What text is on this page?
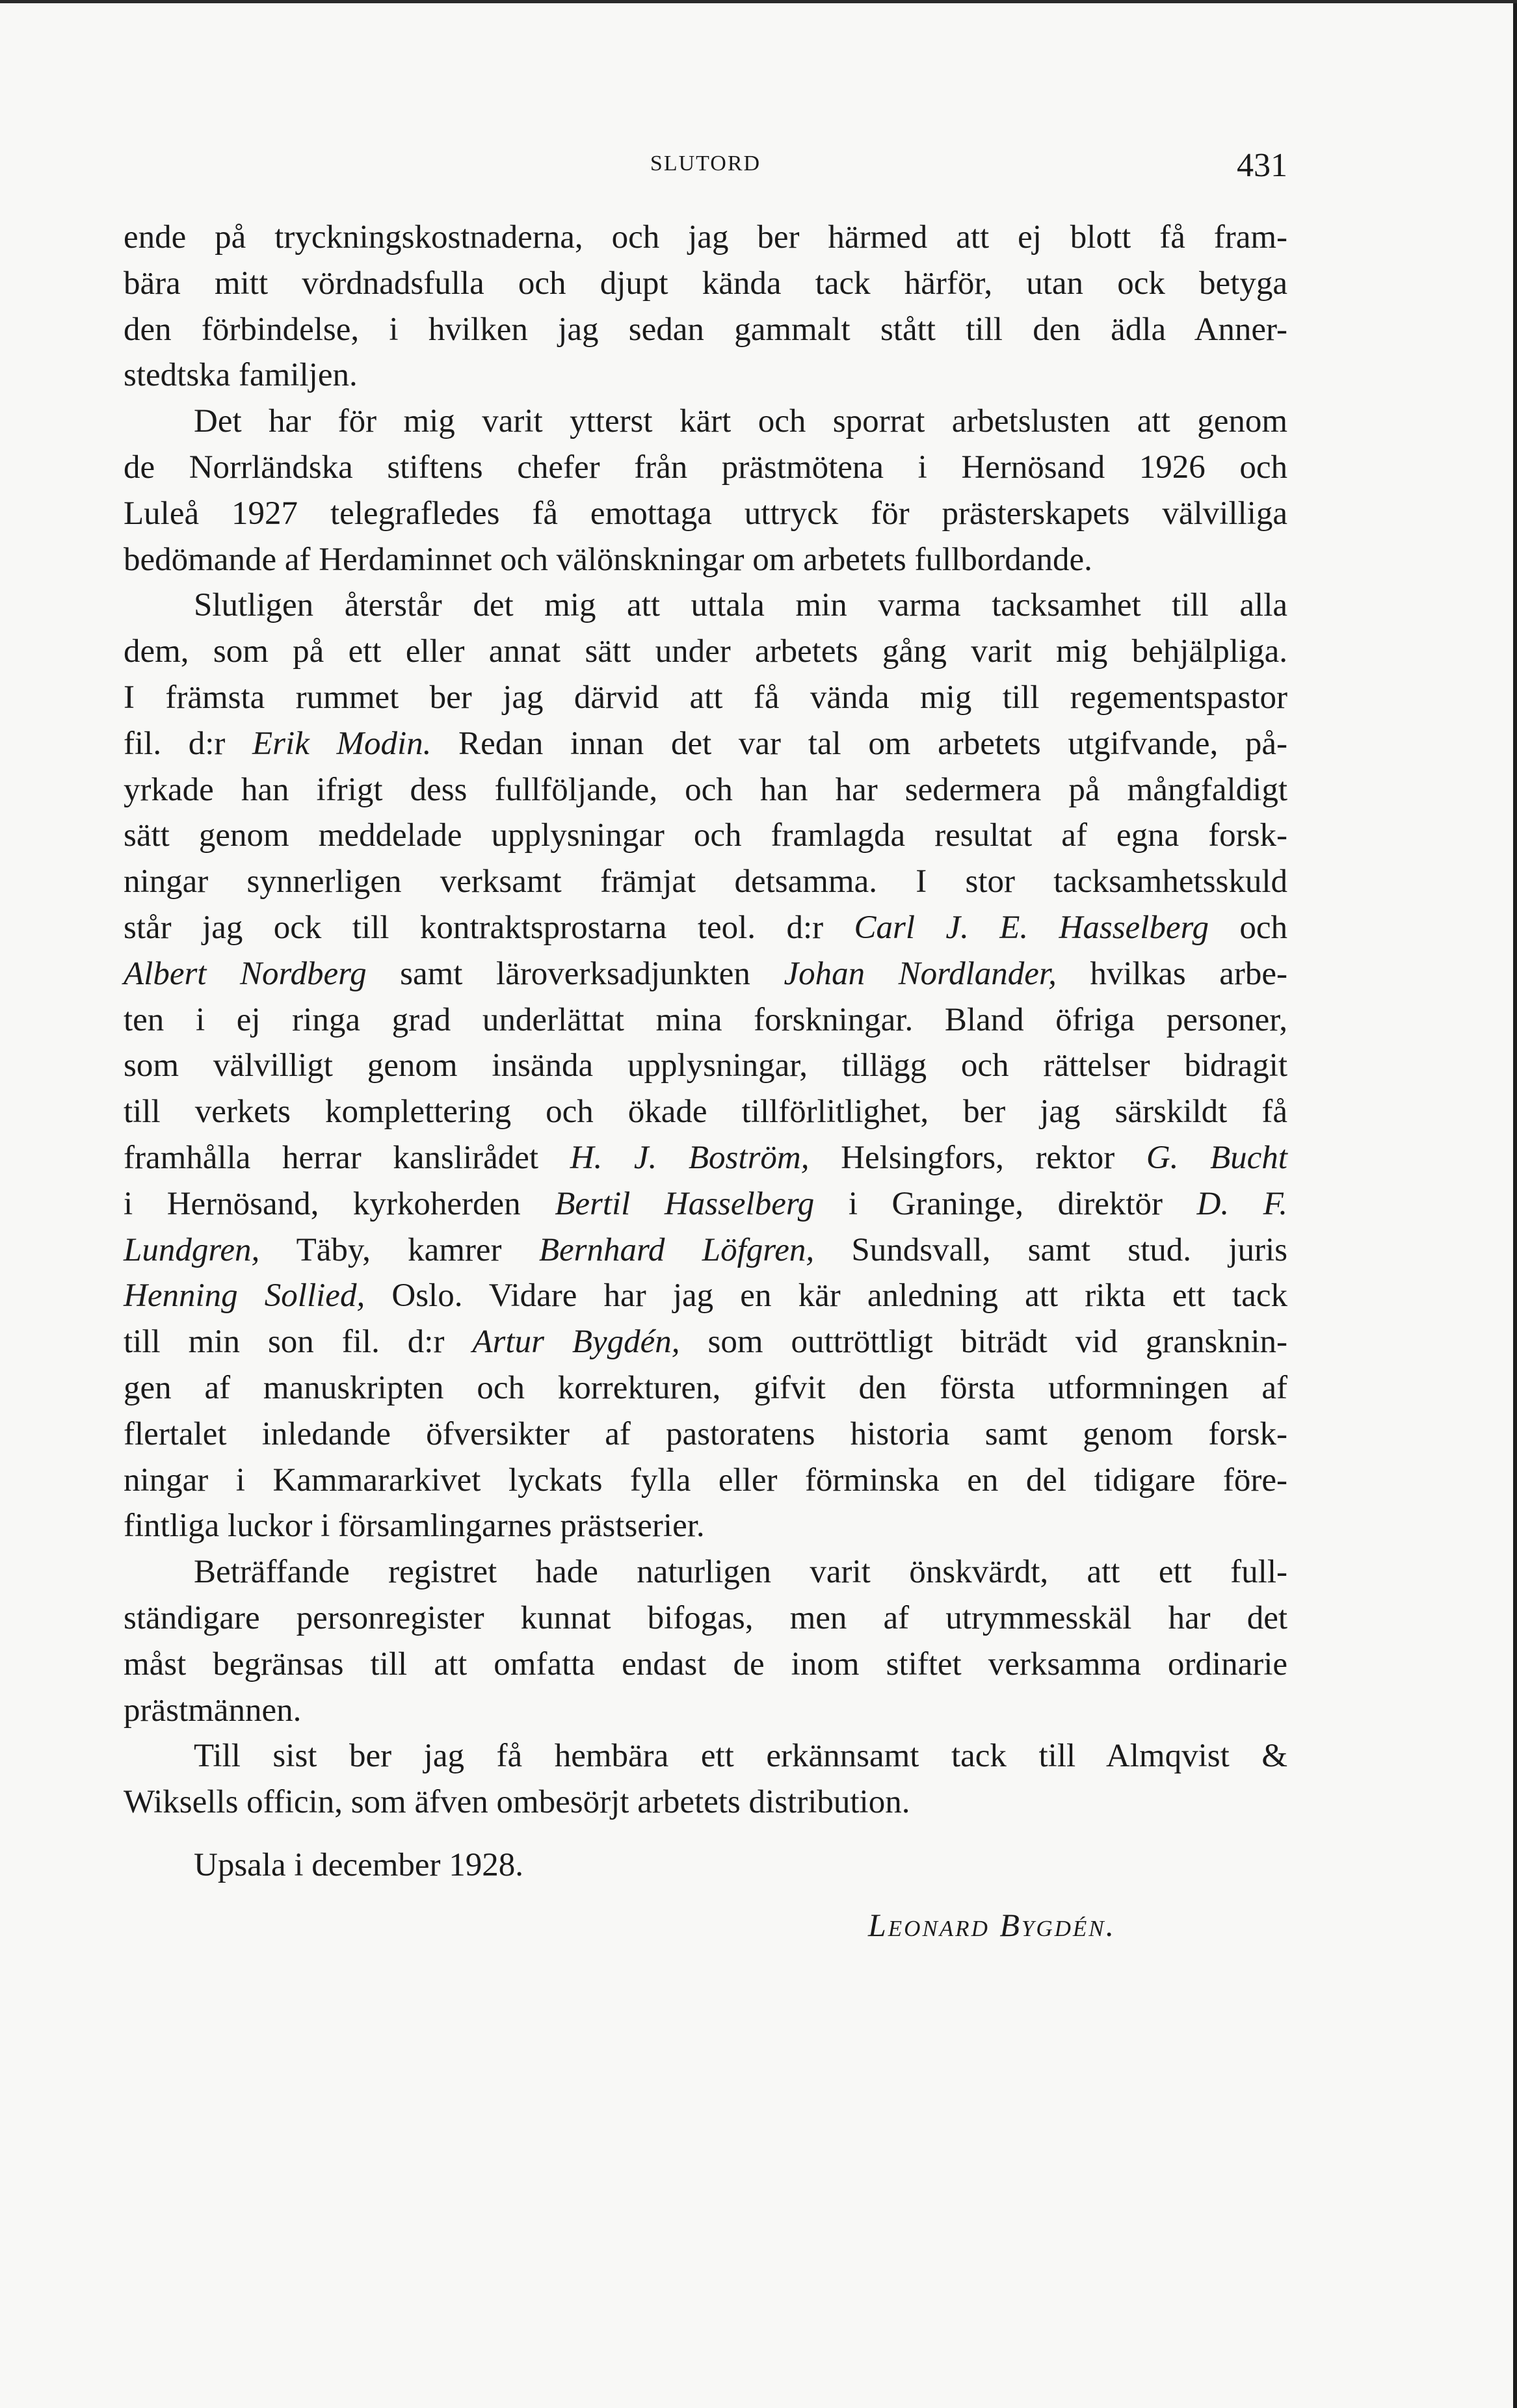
SLUTORD	431

ende på tryckningskostnaderna, och jag ber härmed att ej blott få fram-

bära mitt vördnadsfulla och djupt kända tack härför, utan ock betyga

den förbindelse, i hvilken jag sedan gammalt stått till den ädla Anner-

stedtska familjen.

Det har för mig varit ytterst kärt och sporrat arbetslusten att genom

de Norrländska stiftens chefer från prästmötena i Hernösand 1926 och

Luleå 1927 telegrafledes få emottaga uttryck för prästerskapets välvilliga

bedömande af Herdaminnet och välönskningar om arbetets fullbordande.

Slutligen återstår det mig att uttala min varma tacksamhet till alla

dem, som på ett eller annat sätt under arbetets gång varit mig behjälpliga.

I främsta rummet ber jag därvid att få vända mig till regementspastor

fil. d:r Erik Modin. Redan innan det var tal om arbetets utgifvande, på-

yrkade han ifrigt dess fullföljande, och han har sedermera på mångfaldigt

sätt genom meddelade upplysningar och framlagda resultat af egna forsk-

ningar synnerligen verksamt främjat detsamma. I stor tacksamhetsskuld

står jag ock till kontraktsprostarna teol. d:r Carl J. E. Hasselberg och

Albert Nordberg samt läroverksadjunkten Johan Nordlander, hvilkas arbe-

ten i ej ringa grad underlättat mina forskningar. Bland öfriga personer,

som välvilligt genom insända upplysningar, tillägg och rättelser bidragit

till verkets komplettering och ökade tillförlitlighet, ber jag särskildt få

framhålla herrar kanslirådet H. J. Boström, Helsingfors, rektor G. Bucht

i Hernösand, kyrkoherden Bertil Hasselberg i Graninge, direktör D. F.

Lundgren, Täby, kamrer Bernhard Löfgren, Sundsvall, samt stud. juris

Henning Sollied, Oslo. Vidare har jag en kär anledning att rikta ett tack

till min son fil. d:r Artur Bygdén, som outtröttligt biträdt vid gransknin-

gen af manuskripten och korrekturen, gifvit den första utformningen af

flertalet inledande öfversikter af pastoratens historia samt genom forsk-

ningar i Kammararkivet lyckats fylla eller förminska en del tidigare före-

fintliga luckor i församlingarnes prästserier.

Beträffande registret hade naturligen varit önskvärdt, att ett full-

ständigare personregister kunnat bifogas, men af utrymmesskäl har det

måst begränsas till att omfatta endast de inom stiftet verksamma ordinarie

prästmännen.

Till sist ber jag få hembära ett erkännsamt tack till Almqvist &

Wiksells officin, som äfven ombesörjt arbetets distribution.

Upsala i december 1928.
Leonard Bygdén.
